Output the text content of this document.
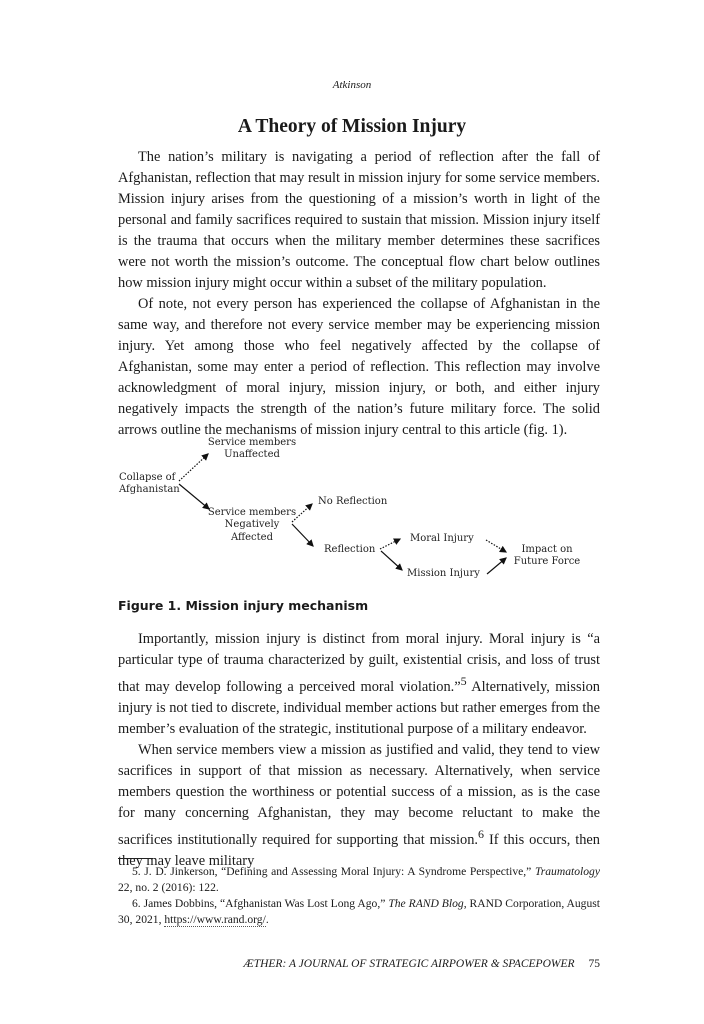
Atkinson
A Theory of Mission Injury

The nation’s military is navigating a period of reflection after the fall of Afghanistan, reflection that may result in mission injury for some service members. Mission injury arises from the questioning of a mission’s worth in light of the personal and family sacrifices required to sustain that mission. Mission injury itself is the trauma that occurs when the military member determines these sacrifices were not worth the mission’s outcome. The conceptual flow chart below outlines how mission injury might occur within a subset of the military population.

Of note, not every person has experienced the collapse of Afghanistan in the same way, and therefore not every service member may be experiencing mission injury. Yet among those who feel negatively affected by the collapse of Afghanistan, some may enter a period of reflection. This reflection may involve acknowledgment of moral injury, mission injury, or both, and either injury negatively impacts the strength of the nation’s future military force. The solid arrows outline the mechanisms of mission injury central to this article (fig. 1).

Service members
Unaffected
Collapse of
Afghanistan
Service members
Negatively
Affected
No Reflection
Reflection
Moral Injury
Mission Injury
Impact on
Future Force
Figure 1. Mission injury mechanism

Importantly, mission injury is distinct from moral injury. Moral injury is “a particular type of trauma characterized by guilt, existential crisis, and loss of trust that may develop following a perceived moral violation.”$^5$ Alternatively, mission injury is not tied to discrete, individual member actions but rather emerges from the member’s evaluation of the strategic, institutional purpose of a military endeavor.

When service members view a mission as justified and valid, they tend to view sacrifices in support of that mission as necessary. Alternatively, when service members question the worthiness or potential success of a mission, as is the case for many concerning Afghanistan, they may become reluctant to make the sacrifices institutionally required for supporting that mission.$^6$ If this occurs, then they may leave military

5. J. D. Jinkerson, “Defining and Assessing Moral Injury: A Syndrome Perspective,” Traumatology 22, no. 2 (2016): 122.

6. James Dobbins, “Afghanistan Was Lost Long Ago,” The RAND Blog, RAND Corporation, August 30, 2021, https://www.rand.org/.

ÆTHER: A JOURNAL OF STRATEGIC AIRPOWER & SPACEPOWER 75
